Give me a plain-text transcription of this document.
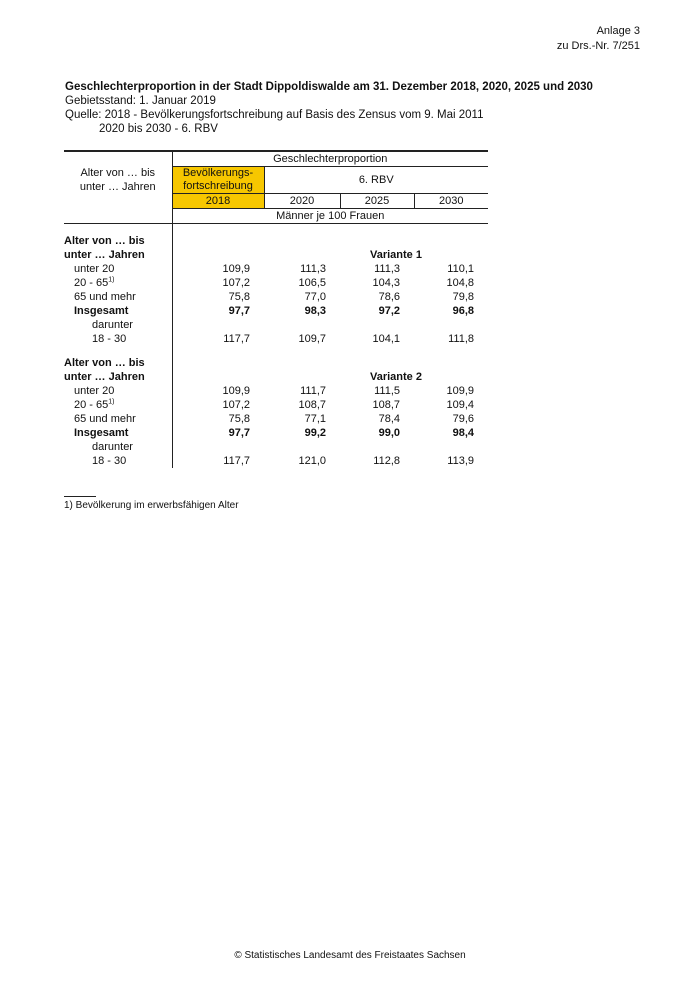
Anlage 3
zu Drs.-Nr. 7/251
Geschlechterproportion in der Stadt Dippoldiswalde am 31. Dezember 2018, 2020, 2025 und 2030
Gebietsstand: 1. Januar 2019
Quelle: 2018 - Bevölkerungsfortschreibung auf Basis des Zensus vom 9. Mai 2011
2020 bis 2030 - 6. RBV
Alter von … bis
unter … Jahren	Geschlechterproportion			

	Bevölkerungs-
fortschreibung	6. RBV		

	2018	2020	2025	2030
	Männer je 100 Frauen			

Alter von … bis				
unter … Jahren		Variante 1		
unter 20	109,9	111,3	111,3	110,1
20 - 65$^{1)}$	107,2	106,5	104,3	104,8
65 und mehr	75,8	77,0	78,6	79,8
Insgesamt	97,7	98,3	97,2	96,8
darunter				
18 - 30	117,7	109,7	104,1	111,8

Alter von … bis				
unter … Jahren		Variante 2		
unter 20	109,9	111,7	111,5	109,9
20 - 65$^{1)}$	107,2	108,7	108,7	109,4
65 und mehr	75,8	77,1	78,4	79,6
Insgesamt	97,7	99,2	99,0	98,4
darunter				
18 - 30	117,7	121,0	112,8	113,9
1) Bevölkerung im erwerbsfähigen Alter
© Statistisches Landesamt des Freistaates Sachsen
